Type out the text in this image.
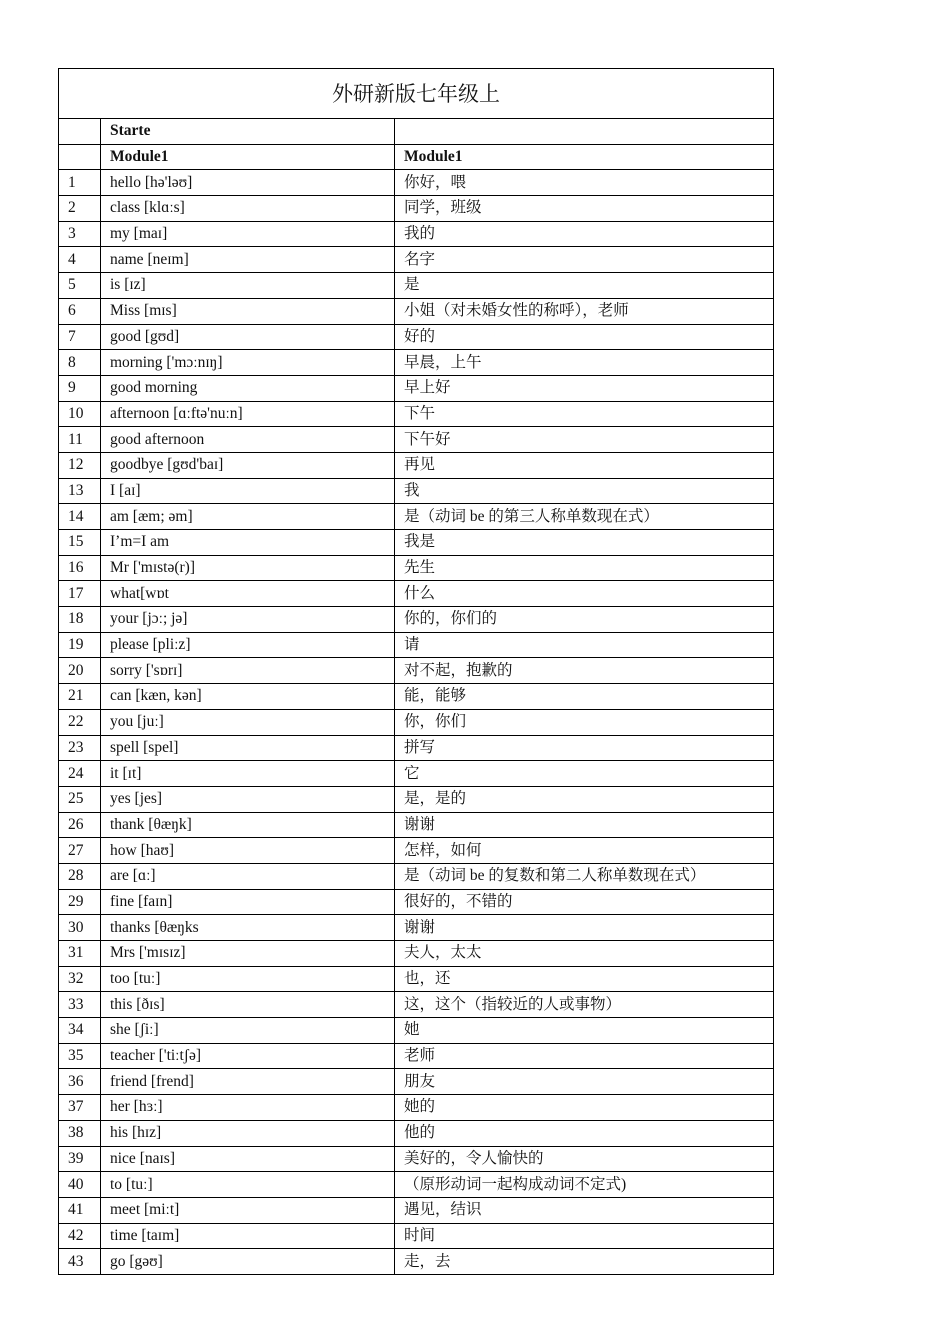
外研新版七年级上		
	Starte	
	Module1	Module1
1	hello [hə'ləʊ]	你好，喂
2	class [klɑːs]	同学，班级
3	my [maɪ]	我的
4	name [neɪm]	名字
5	is [ɪz]	是
6	Miss [mɪs]	小姐（对未婚女性的称呼），老师
7	good [gʊd]	好的
8	morning ['mɔːnɪŋ]	早晨，上午
9	good morning	早上好
10	afternoon [ɑːftə'nuːn]	下午
11	good afternoon	下午好
12	goodbye [gʊd'baɪ]	再见
13	I [aɪ]	我
14	am [æm; əm]	是（动词 be 的第三人称单数现在式）
15	I’m=I am	我是
16	Mr ['mɪstə(r)]	先生
17	what[wɒt	什么
18	your [jɔː; jə]	你的，你们的
19	please [pliːz]	请
20	sorry ['sɒrɪ]	对不起，抱歉的
21	can [kæn, kən]	能，能够
22	you [juː]	你，你们
23	spell [spel]	拼写
24	it [ɪt]	它
25	yes [jes]	是，是的
26	thank [θæŋk]	谢谢
27	how [haʊ]	怎样，如何
28	are [ɑː]	是（动词 be 的复数和第二人称单数现在式）
29	fine [faɪn]	很好的，不错的
30	thanks [θæŋks	谢谢
31	Mrs ['mɪsɪz]	夫人，太太
32	too [tuː]	也，还
33	this [ðɪs]	这，这个（指较近的人或事物）
34	she [ʃiː]	她
35	teacher ['tiːtʃə]	老师
36	friend [frend]	朋友
37	her [hɜː]	她的
38	his [hɪz]	他的
39	nice [naɪs]	美好的，令人愉快的
40	to [tuː]	（原形动词一起构成动词不定式)
41	meet [miːt]	遇见，结识
42	time [taɪm]	时间
43	go [gəʊ]	走，去
